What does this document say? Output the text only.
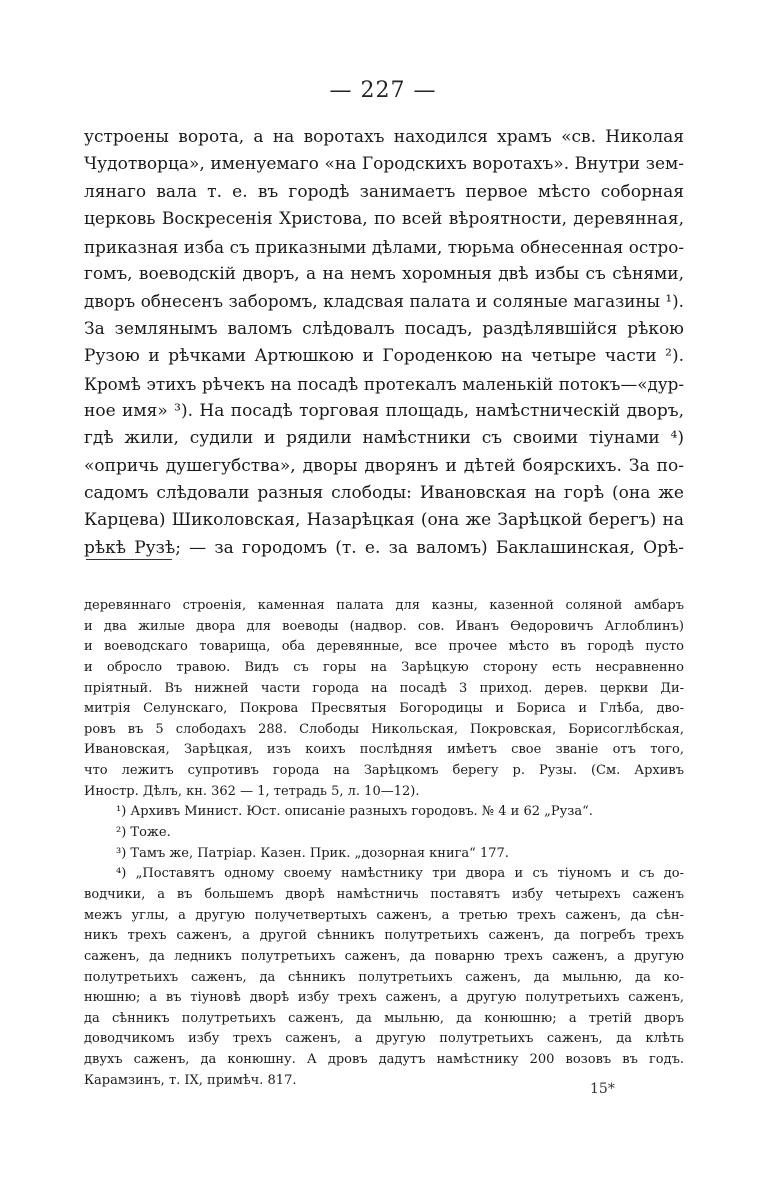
— 227 —
устроены ворота, а на воротахъ находился храмъ «св. Николая
Чудотворца», именуемаго «на Городскихъ воротахъ». Внутри зем-
лянаго вала т. е. въ городѣ занимаетъ первое мѣсто соборная
церковь Воскресенія Христова, по всей вѣроятности, деревянная,
приказная изба съ приказными дѣлами, тюрьма обнесенная остро-
гомъ, воеводскій дворъ, а на немъ хоромныя двѣ избы съ сѣнями,
дворъ обнесенъ заборомъ, кладсвая палата и соляные магазины ¹).
За землянымъ валомъ слѣдовалъ посадъ, раздѣлявшійся рѣкою
Рузою и рѣчками Артюшкою и Городенкою на четыре части ²).
Кромѣ этихъ рѣчекъ на посадѣ протекалъ маленькій потокъ—«дур-
ное имя» ³). На посадѣ торговая площадь, намѣстническій дворъ,
гдѣ жили, судили и рядили намѣстники съ своими тіунами ⁴)
«опричь душегубства», дворы дворянъ и дѣтей боярскихъ. За по-
садомъ слѣдовали разныя слободы: Ивановская на горѣ (она же
Карцева) Шиколовская, Назарѣцкая (она же Зарѣцкой берегъ) на
рѣкѣ Рузѣ; — за городомъ (т. е. за валомъ) Баклашинская, Орѣ-
деревяннаго строенія, каменная палата для казны, казенной соляной амбаръ
и два жилые двора для воеводы (надвор. сов. Иванъ Ѳедоровичъ Аглоблинъ)
и воеводскаго товарища, оба деревянные, все прочее мѣсто въ городѣ пусто
и обросло травою. Видъ съ горы на Зарѣцкую сторону есть несравненно
пріятный. Въ нижней части города на посадѣ 3 приход. дерев. церкви Ди-
митрія Селунскаго, Покрова Пресвятыя Богородицы и Бориса и Глѣба, дво-
ровъ въ 5 слободахъ 288. Слободы Никольская, Покровская, Борисоглѣбская,
Ивановская, Зарѣцкая, изъ коихъ послѣдняя имѣетъ свое званіе отъ того,
что лежитъ супротивъ города на Зарѣцкомъ берегу р. Рузы. (См. Архивъ
Иностр. Дѣлъ, кн. 362 — 1, тетрадь 5, л. 10—12).
¹) Архивъ Минист. Юст. описаніе разныхъ городовъ. № 4 и 62 „Руза“.
²) Тоже.
³) Тамъ же, Патріар. Казен. Прик. „дозорная книга“ 177.
⁴) „Поставятъ одному своему намѣстнику три двора и съ тіуномъ и съ до-
водчики, а въ большемъ дворѣ намѣстничь поставятъ избу четырехъ саженъ
межъ углы, а другую получетвертыхъ саженъ, а третью трехъ саженъ, да сѣн-
никъ трехъ саженъ, а другой сѣнникъ полутретьихъ саженъ, да погребъ трехъ
саженъ, да ледникъ полутретьихъ саженъ, да поварню трехъ саженъ, а другую
полутретьихъ саженъ, да сѣнникъ полутретьихъ саженъ, да мыльню, да ко-
нюшню; а въ тіуновѣ дворѣ избу трехъ саженъ, а другую полутретьихъ саженъ,
да сѣнникъ полутретьихъ саженъ, да мыльню, да конюшню; а третій дворъ
доводчикомъ избу трехъ саженъ, а другую полутретьихъ саженъ, да клѣть
двухъ саженъ, да конюшну. А дровъ дадутъ намѣстнику 200 возовъ въ годъ.
Карамзинъ, т. IX, примѣч. 817.
15*
